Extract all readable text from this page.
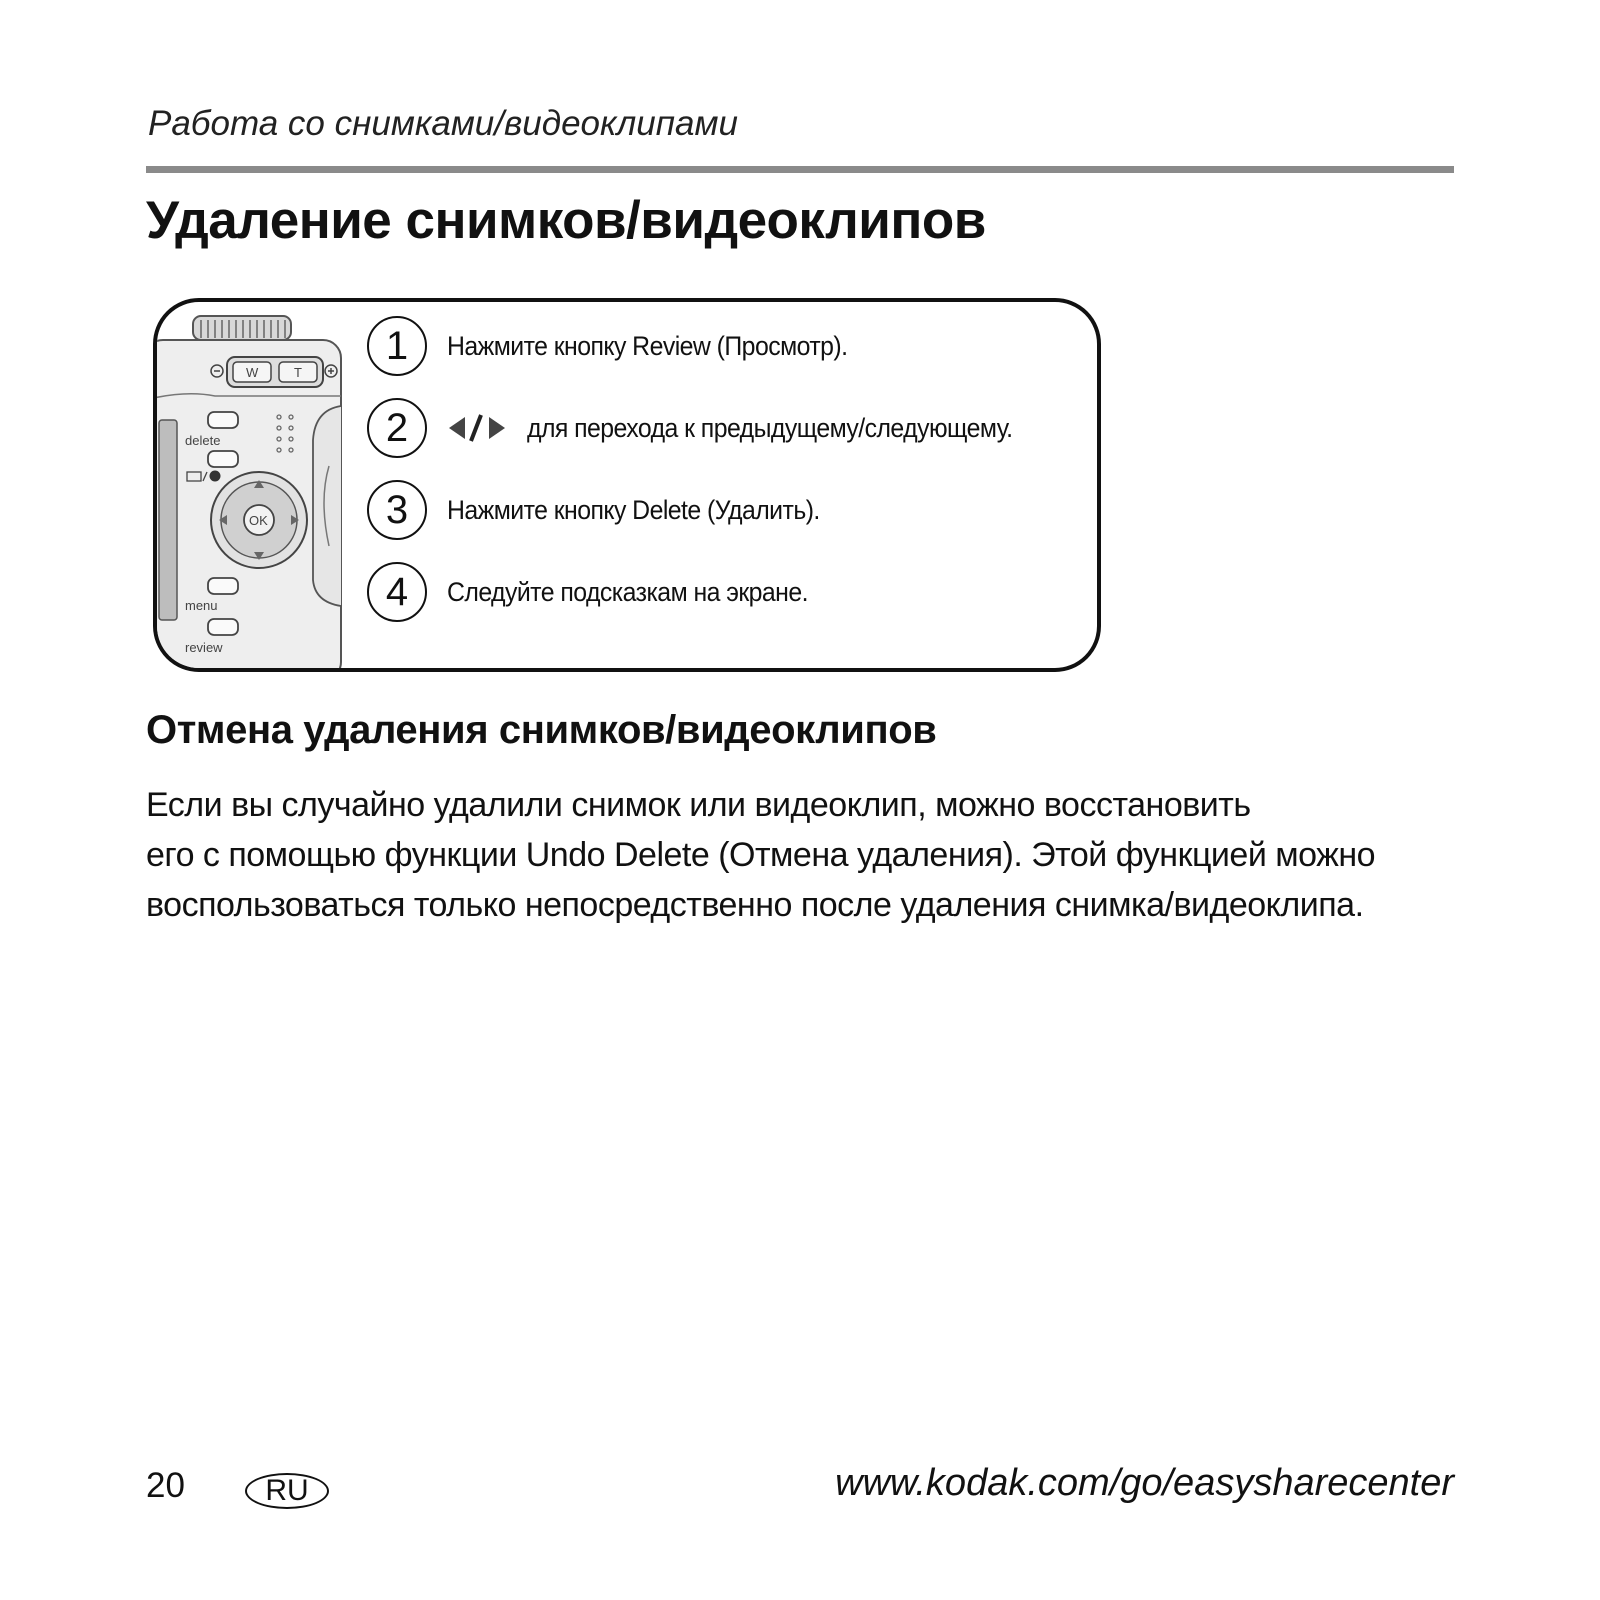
Работа со снимками/видеоклипами
Удаление снимков/видеоклипов
W	T
delete
OK
menu
review
1	Нажмите кнопку Review (Просмотр).
2	для перехода к предыдущему/следующему.
3	Нажмите кнопку Delete (Удалить).
4	Следуйте подсказкам на экране.
Отмена удаления снимков/видеоклипов

Если вы случайно удалили снимок или видеоклип, можно восстановить
его с помощью функции Undo Delete (Отмена удаления). Этой функцией можно
воспользоваться только непосредственно после удаления снимка/видеоклипа.

20	RU	www.kodak.com/go/easysharecenter
